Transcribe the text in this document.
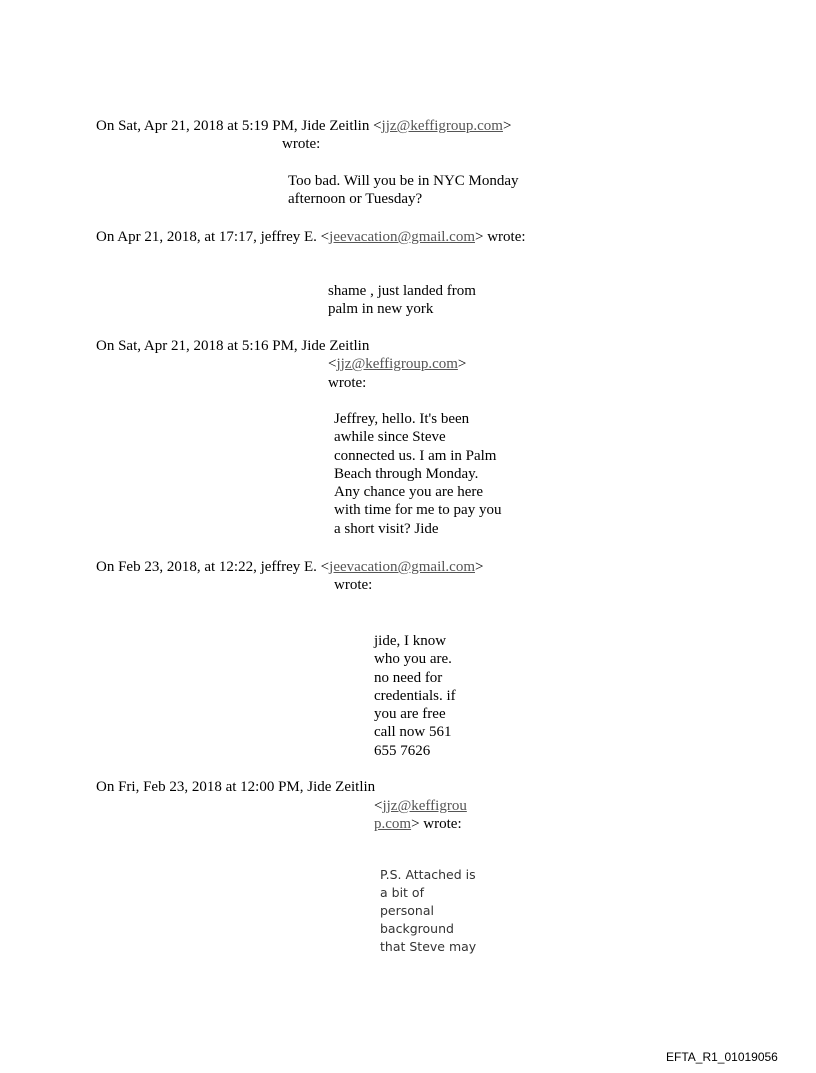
On Sat, Apr 21, 2018 at 5:19 PM, Jide Zeitlin <jjz@keffigroup.com>
wrote:
Too bad. Will you be in NYC Monday
afternoon or Tuesday?
On Apr 21, 2018, at 17:17, jeffrey E. <jeevacation@gmail.com> wrote:
shame , just landed from
palm in new york
On Sat, Apr 21, 2018 at 5:16 PM, Jide Zeitlin
<jjz@keffigroup.com>
wrote:
Jeffrey, hello. It's been
awhile since Steve
connected us. I am in Palm
Beach through Monday.
Any chance you are here
with time for me to pay you
a short visit? Jide
On Feb 23, 2018, at 12:22, jeffrey E. <jeevacation@gmail.com>
wrote:
jide, I know
who you are.
no need for
credentials. if
you are free
call now 561
655 7626
On Fri, Feb 23, 2018 at 12:00 PM, Jide Zeitlin
<jjz@keffigrou
p.com> wrote:
P.S. Attached is
a bit of
personal
background
that Steve may
EFTA_R1_01019056
